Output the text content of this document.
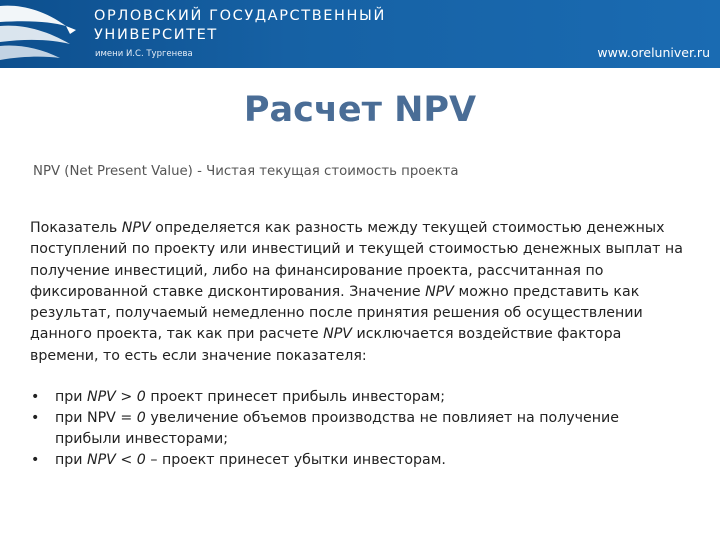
ОРЛОВСКИЙ ГОСУДАРСТВЕННЫЙ
УНИВЕРСИТЕТ
имени И.С. Тургенева	www.oreluniver.ru
Расчет NPV
NPV (Net Present Value) - Чистая текущая стоимость проекта
Показатель NPV определяется как разность между текущей стоимостью денежных
поступлений по проекту или инвестиций и текущей стоимостью денежных выплат на
получение инвестиций, либо на финансирование проекта, рассчитанная по
фиксированной ставке дисконтирования. Значение NPV можно представить как
результат, получаемый немедленно после принятия решения об осуществлении
данного проекта, так как при расчете NPV исключается воздействие фактора
времени, то есть если значение показателя:
• при NPV > 0 проект принесет прибыль инвесторам;
• при NPV = 0 увеличение объемов производства не повлияет на получение
прибыли инвесторами;
• при NPV < 0 – проект принесет убытки инвесторам.
